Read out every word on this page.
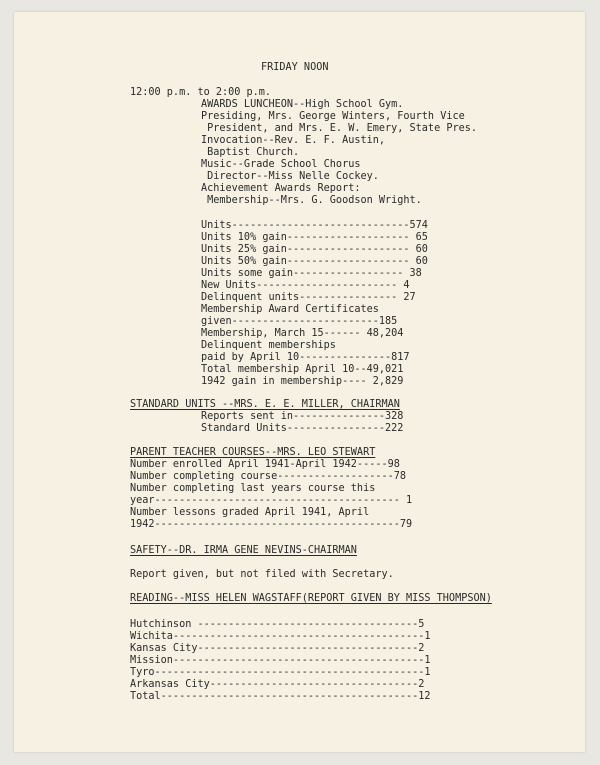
FRIDAY NOON
12:00 p.m. to 2:00 p.m.
AWARDS LUNCHEON--High School Gym.
Presiding, Mrs. George Winters, Fourth Vice
President, and Mrs. E. W. Emery, State Pres.
Invocation--Rev. E. F. Austin,
Baptist Church.
Music--Grade School Chorus
Director--Miss Nelle Cockey.
Achievement Awards Report:
Membership--Mrs. G. Goodson Wright.
Units-----------------------------574
Units 10% gain-------------------- 65
Units 25% gain-------------------- 60
Units 50% gain-------------------- 60
Units some gain------------------ 38
New Units----------------------- 4
Delinquent units---------------- 27
Membership Award Certificates
given------------------------185
Membership, March 15------ 48,204
Delinquent memberships
paid by April 10---------------817
Total membership April 10--49,021
1942 gain in membership---- 2,829
STANDARD UNITS --MRS. E. E. MILLER, CHAIRMAN
Reports sent in---------------328
Standard Units----------------222
PARENT TEACHER COURSES--MRS. LEO STEWART
Number enrolled April 1941-April 1942-----98
Number completing course-------------------78
Number completing last years course this
year---------------------------------------- 1
Number lessons graded April 1941, April
1942----------------------------------------79
SAFETY--DR. IRMA GENE NEVINS-CHAIRMAN
Report given, but not filed with Secretary.
READING--MISS HELEN WAGSTAFF(REPORT GIVEN BY MISS THOMPSON)
Hutchinson ------------------------------------5
Wichita-----------------------------------------1
Kansas City------------------------------------2
Mission-----------------------------------------1
Tyro--------------------------------------------1
Arkansas City----------------------------------2
Total------------------------------------------12
